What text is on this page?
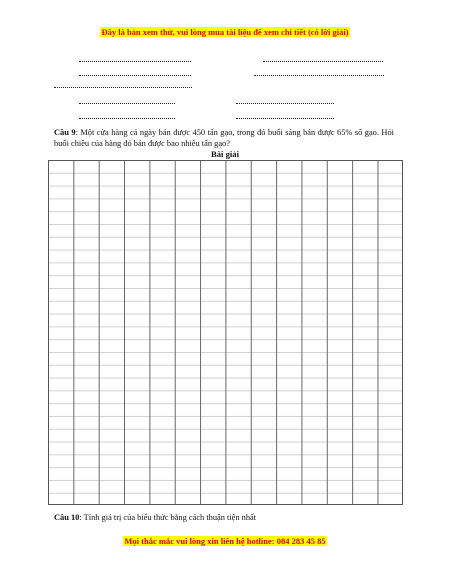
Đây là bản xem thử, vui lòng mua tài liệu để xem chi tiết (có lời giải)
Câu 9: Một cửa hàng cả ngày bán được 450 tấn gạo, trong đó buổi sáng bán được 65% số gạo. Hỏi buổi chiều của hàng đó bán được bao nhiêu tấn gạo?
Bài giải
Câu 10: Tính giá trị của biểu thức bằng cách thuận tiện nhất
Mọi thắc mắc vui lòng xin liên hệ hotline: 084 283 45 85
